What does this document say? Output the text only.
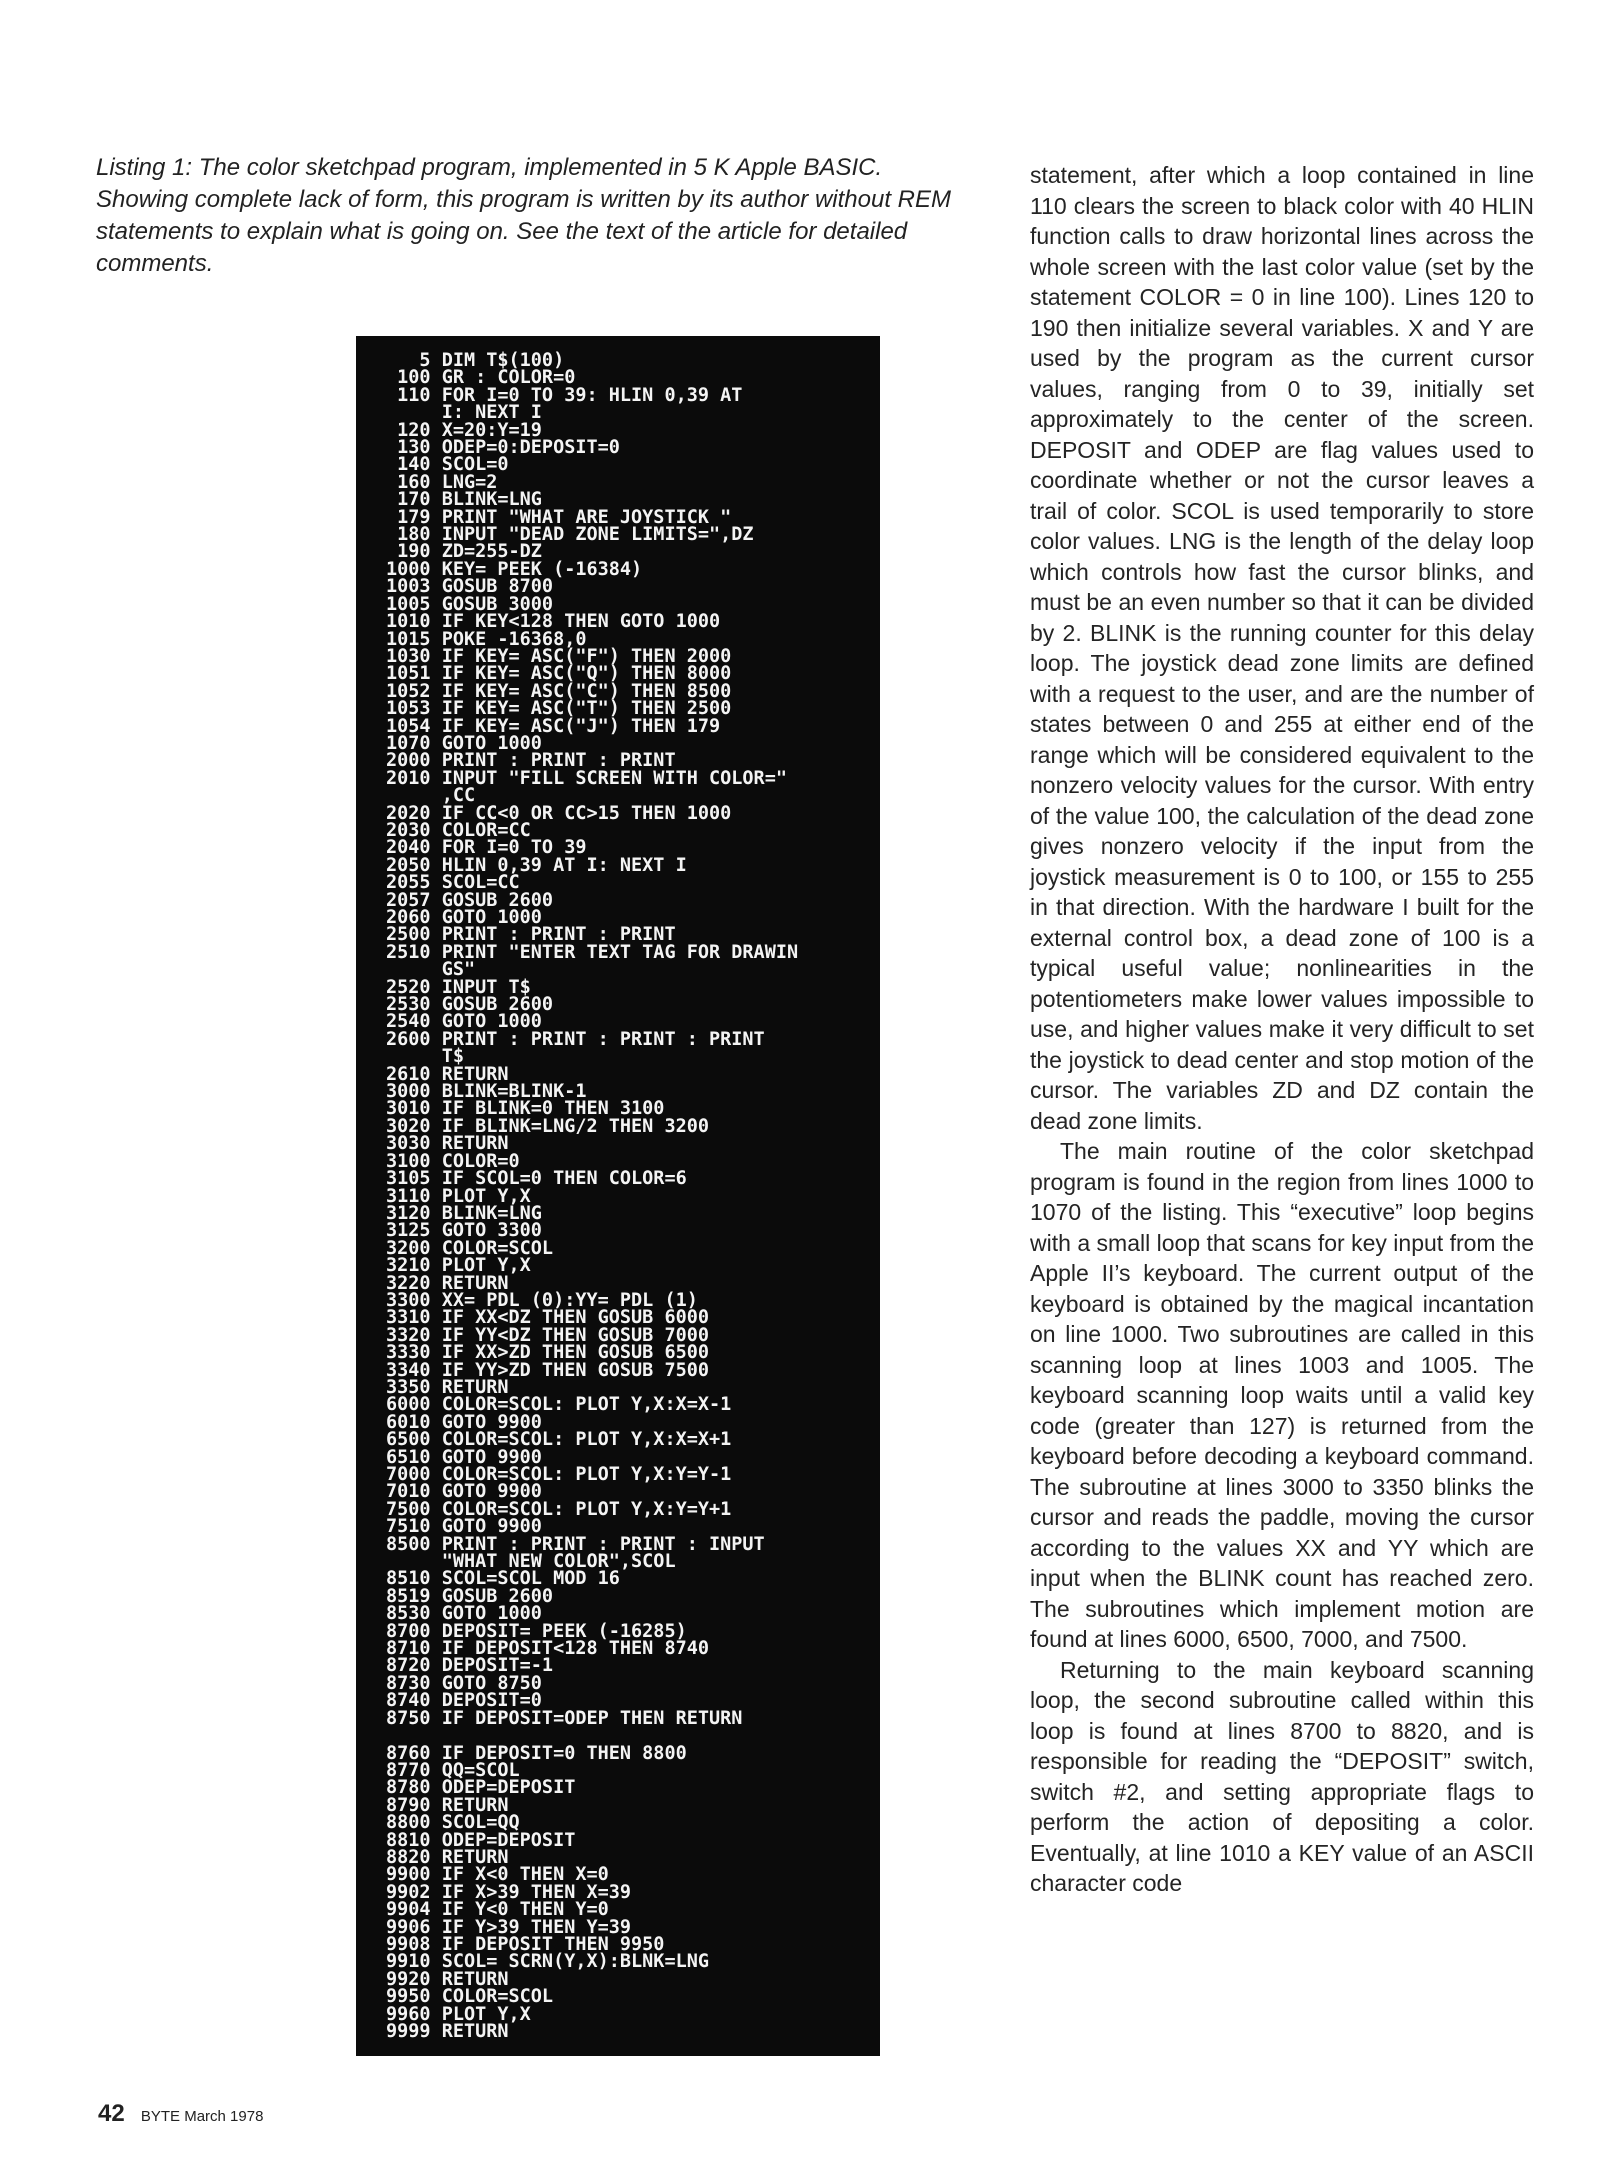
Listing 1: The color sketchpad program, implemented in 5 K Apple BASIC. Showing complete lack of form, this program is written by its author without REM statements to explain what is going on. See the text of the article for detailed comments.

5 DIM T$(100)
100 GR : COLOR=0
110 FOR I=0 TO 39: HLIN 0,39 AT
I: NEXT I
120 X=20:Y=19
130 ODEP=0:DEPOSIT=0
140 SCOL=0
160 LNG=2
170 BLINK=LNG
179 PRINT "WHAT ARE JOYSTICK "
180 INPUT "DEAD ZONE LIMITS=",DZ
190 ZD=255-DZ
1000 KEY= PEEK (-16384)
1003 GOSUB 8700
1005 GOSUB 3000
1010 IF KEY<128 THEN GOTO 1000
1015 POKE -16368,0
1030 IF KEY= ASC("F") THEN 2000
1051 IF KEY= ASC("Q") THEN 8000
1052 IF KEY= ASC("C") THEN 8500
1053 IF KEY= ASC("T") THEN 2500
1054 IF KEY= ASC("J") THEN 179
1070 GOTO 1000
2000 PRINT : PRINT : PRINT
2010 INPUT "FILL SCREEN WITH COLOR="
,CC
2020 IF CC<0 OR CC>15 THEN 1000
2030 COLOR=CC
2040 FOR I=0 TO 39
2050 HLIN 0,39 AT I: NEXT I
2055 SCOL=CC
2057 GOSUB 2600
2060 GOTO 1000
2500 PRINT : PRINT : PRINT
2510 PRINT "ENTER TEXT TAG FOR DRAWIN
GS"
2520 INPUT T$
2530 GOSUB 2600
2540 GOTO 1000
2600 PRINT : PRINT : PRINT : PRINT
T$
2610 RETURN
3000 BLINK=BLINK-1
3010 IF BLINK=0 THEN 3100
3020 IF BLINK=LNG/2 THEN 3200
3030 RETURN
3100 COLOR=0
3105 IF SCOL=0 THEN COLOR=6
3110 PLOT Y,X
3120 BLINK=LNG
3125 GOTO 3300
3200 COLOR=SCOL
3210 PLOT Y,X
3220 RETURN
3300 XX= PDL (0):YY= PDL (1)
3310 IF XX<DZ THEN GOSUB 6000
3320 IF YY<DZ THEN GOSUB 7000
3330 IF XX>ZD THEN GOSUB 6500
3340 IF YY>ZD THEN GOSUB 7500
3350 RETURN
6000 COLOR=SCOL: PLOT Y,X:X=X-1
6010 GOTO 9900
6500 COLOR=SCOL: PLOT Y,X:X=X+1
6510 GOTO 9900
7000 COLOR=SCOL: PLOT Y,X:Y=Y-1
7010 GOTO 9900
7500 COLOR=SCOL: PLOT Y,X:Y=Y+1
7510 GOTO 9900
8500 PRINT : PRINT : PRINT : INPUT
"WHAT NEW COLOR",SCOL
8510 SCOL=SCOL MOD 16
8519 GOSUB 2600
8530 GOTO 1000
8700 DEPOSIT= PEEK (-16285)
8710 IF DEPOSIT<128 THEN 8740
8720 DEPOSIT=-1
8730 GOTO 8750
8740 DEPOSIT=0
8750 IF DEPOSIT=ODEP THEN RETURN

8760 IF DEPOSIT=0 THEN 8800
8770 QQ=SCOL
8780 ODEP=DEPOSIT
8790 RETURN
8800 SCOL=QQ
8810 ODEP=DEPOSIT
8820 RETURN
9900 IF X<0 THEN X=0
9902 IF X>39 THEN X=39
9904 IF Y<0 THEN Y=0
9906 IF Y>39 THEN Y=39
9908 IF DEPOSIT THEN 9950
9910 SCOL= SCRN(Y,X):BLNK=LNG
9920 RETURN
9950 COLOR=SCOL
9960 PLOT Y,X
9999 RETURN

statement, after which a loop contained in line 110 clears the screen to black color with 40 HLIN function calls to draw horizontal lines across the whole screen with the last color value (set by the statement COLOR = 0 in line 100). Lines 120 to 190 then initialize several variables. X and Y are used by the program as the current cursor values, ranging from 0 to 39, initially set approximately to the center of the screen. DEPOSIT and ODEP are flag values used to coordinate whether or not the cursor leaves a trail of color. SCOL is used temporarily to store color values. LNG is the length of the delay loop which controls how fast the cursor blinks, and must be an even number so that it can be divided by 2. BLINK is the running counter for this delay loop. The joystick dead zone limits are defined with a request to the user, and are the number of states between 0 and 255 at either end of the range which will be considered equivalent to the nonzero velocity values for the cursor. With entry of the value 100, the calculation of the dead zone gives nonzero velocity if the input from the joystick measurement is 0 to 100, or 155 to 255 in that direction. With the hardware I built for the external control box, a dead zone of 100 is a typical useful value; nonlinearities in the potentiometers make lower values impossible to use, and higher values make it very difficult to set the joystick to dead center and stop motion of the cursor. The variables ZD and DZ contain the dead zone limits.

The main routine of the color sketchpad program is found in the region from lines 1000 to 1070 of the listing. This “executive” loop begins with a small loop that scans for key input from the Apple II’s keyboard. The current output of the keyboard is obtained by the magical incantation on line 1000. Two subroutines are called in this scanning loop at lines 1003 and 1005. The keyboard scanning loop waits until a valid key code (greater than 127) is returned from the keyboard before decoding a keyboard command. The subroutine at lines 3000 to 3350 blinks the cursor and reads the paddle, moving the cursor according to the values XX and YY which are input when the BLINK count has reached zero. The subroutines which implement motion are found at lines 6000, 6500, 7000, and 7500.

Returning to the main keyboard scanning loop, the second subroutine called within this loop is found at lines 8700 to 8820, and is responsible for reading the “DEPOSIT” switch, switch #2, and setting appropriate flags to perform the action of depositing a color. Eventually, at line 1010 a KEY value of an ASCII character code

42 BYTE March 1978
